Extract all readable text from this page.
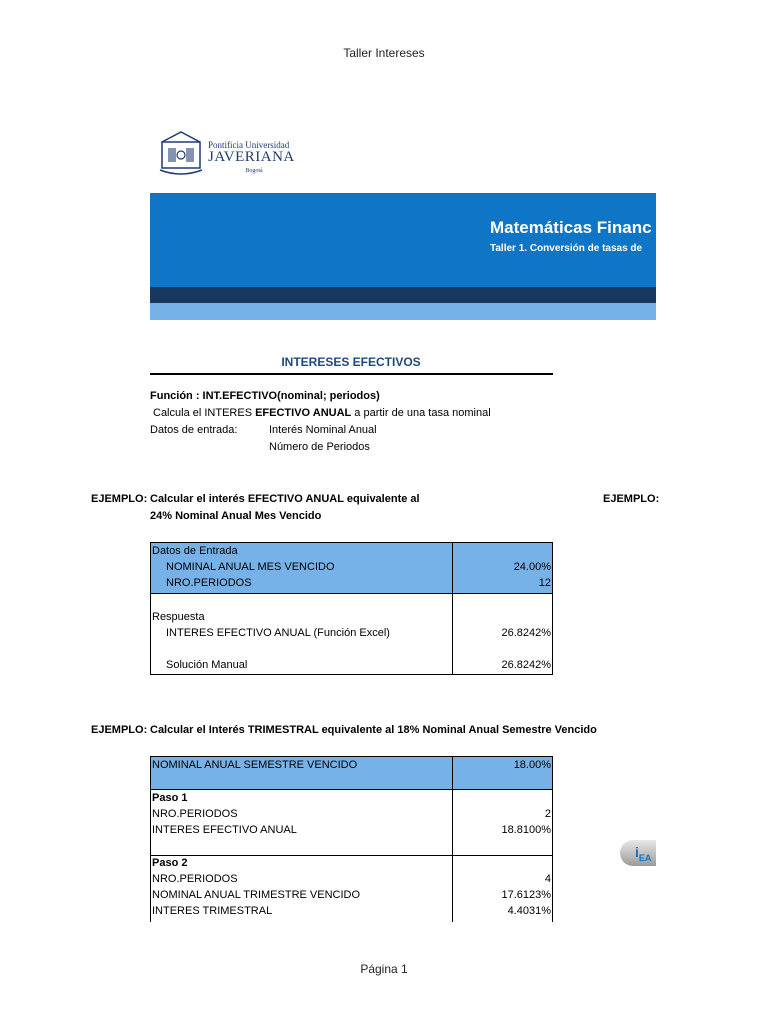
Taller Intereses
Página 1
Pontificia Universidad
JAVERIANA
Bogotá
Matemáticas Financ
Taller 1. Conversión de tasas de
INTERESES EFECTIVOS
Función : INT.EFECTIVO(nominal; periodos)
Calcula el INTERES EFECTIVO ANUAL a partir de una tasa nominal
Datos de entrada:	Interés Nominal Anual
Número de Periodos
EJEMPLO: Calcular el interés EFECTIVO ANUAL equivalente al
24% Nominal Anual Mes Vencido
EJEMPLO:
Datos de Entrada
NOMINAL ANUAL MES VENCIDO	24.00%
NRO.PERIODOS	12
Respuesta
INTERES EFECTIVO ANUAL (Función Excel)	26.8242%
Solución Manual	26.8242%
EJEMPLO: Calcular el Interés TRIMESTRAL equivalente al 18% Nominal Anual Semestre Vencido
NOMINAL ANUAL SEMESTRE VENCIDO	18.00%
Paso 1
NRO.PERIODOS	2
INTERES EFECTIVO ANUAL	18.8100%
Paso 2
NRO.PERIODOS	4
NOMINAL ANUAL TRIMESTRE VENCIDO	17.6123%
INTERES TRIMESTRAL	4.4031%
$i_{EA}$
